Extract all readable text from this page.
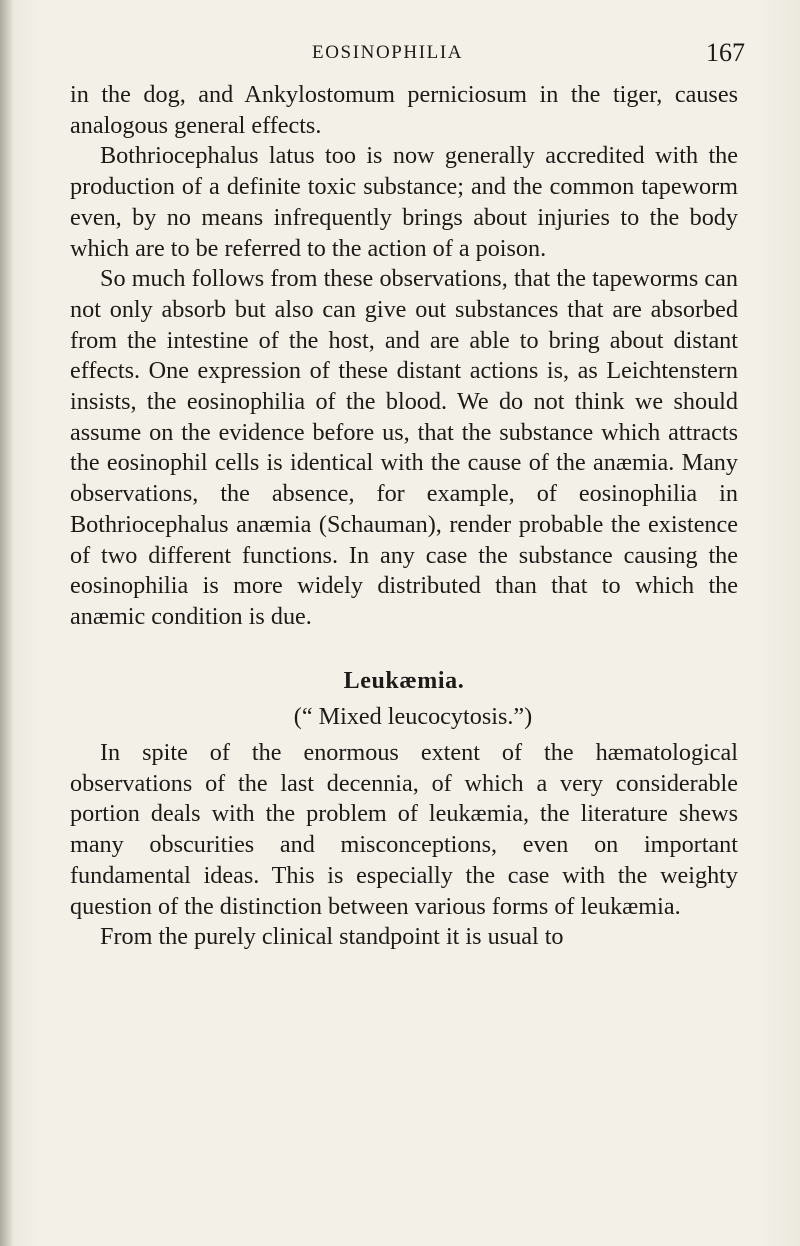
EOSINOPHILIA	167

in the dog, and Ankylostomum perniciosum in the tiger, causes analogous general effects.

Bothriocephalus latus too is now generally accredited with the production of a definite toxic substance; and the common tapeworm even, by no means infrequently brings about injuries to the body which are to be referred to the action of a poison.

So much follows from these observations, that the tapeworms can not only absorb but also can give out substances that are absorbed from the intestine of the host, and are able to bring about distant effects. One expression of these distant actions is, as Leichtenstern insists, the eosinophilia of the blood. We do not think we should assume on the evidence before us, that the substance which attracts the eosinophil cells is identical with the cause of the anæmia. Many observations, the absence, for example, of eosinophilia in Bothriocephalus anæmia (Schauman), render probable the existence of two different functions. In any case the substance causing the eosinophilia is more widely distributed than that to which the anæmic condition is due.

Leukæmia.
(“ Mixed leucocytosis.”)

In spite of the enormous extent of the hæmatological observations of the last decennia, of which a very considerable portion deals with the problem of leukæmia, the literature shews many obscurities and misconceptions, even on important fundamental ideas. This is especially the case with the weighty question of the distinction between various forms of leukæmia.

From the purely clinical standpoint it is usual to
